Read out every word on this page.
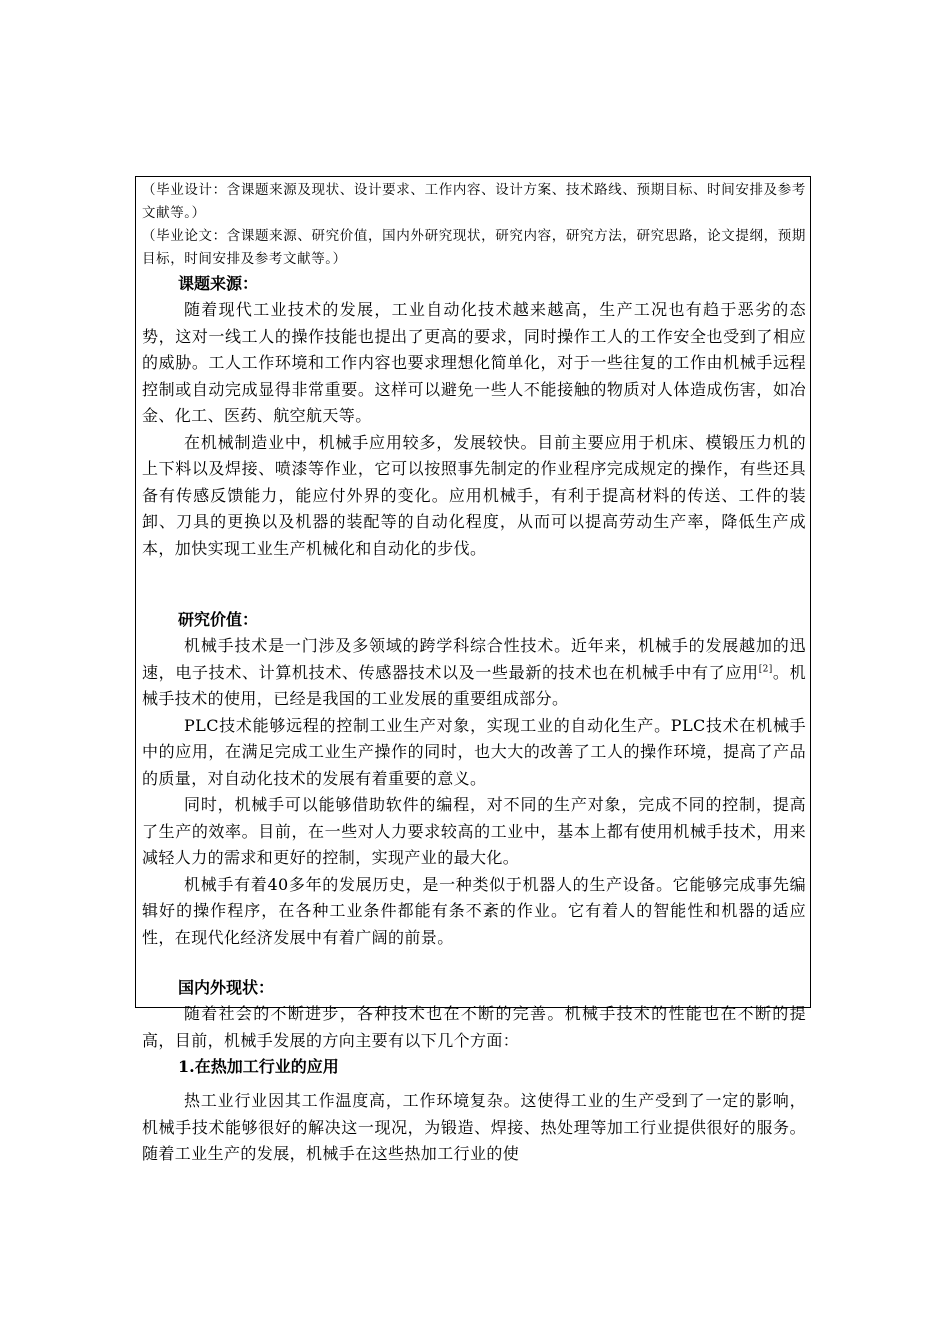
（毕业设计：含课题来源及现状、设计要求、工作内容、设计方案、技术路线、预期目标、时间安排及参考文献等。）

（毕业论文：含课题来源、研究价值，国内外研究现状，研究内容，研究方法，研究思路，论文提纲，预期目标，时间安排及参考文献等。）

课题来源：

随着现代工业技术的发展，工业自动化技术越来越高，生产工况也有趋于恶劣的态势，这对一线工人的操作技能也提出了更高的要求，同时操作工人的工作安全也受到了相应的威胁。工人工作环境和工作内容也要求理想化简单化，对于一些往复的工作由机械手远程控制或自动完成显得非常重要。这样可以避免一些人不能接触的物质对人体造成伤害，如冶金、化工、医药、航空航天等。

在机械制造业中，机械手应用较多，发展较快。目前主要应用于机床、模锻压力机的上下料以及焊接、喷漆等作业，它可以按照事先制定的作业程序完成规定的操作，有些还具备有传感反馈能力，能应付外界的变化。应用机械手，有利于提高材料的传送、工件的装卸、刀具的更换以及机器的装配等的自动化程度，从而可以提高劳动生产率，降低生产成本，加快实现工业生产机械化和自动化的步伐。

研究价值：

机械手技术是一门涉及多领域的跨学科综合性技术。近年来，机械手的发展越加的迅速，电子技术、计算机技术、传感器技术以及一些最新的技术也在机械手中有了应用[2]。机械手技术的使用，已经是我国的工业发展的重要组成部分。

PLC技术能够远程的控制工业生产对象，实现工业的自动化生产。PLC技术在机械手中的应用，在满足完成工业生产操作的同时，也大大的改善了工人的操作环境，提高了产品的质量，对自动化技术的发展有着重要的意义。

同时，机械手可以能够借助软件的编程，对不同的生产对象，完成不同的控制，提高了生产的效率。目前，在一些对人力要求较高的工业中，基本上都有使用机械手技术，用来减轻人力的需求和更好的控制，实现产业的最大化。

机械手有着40多年的发展历史，是一种类似于机器人的生产设备。它能够完成事先编辑好的操作程序，在各种工业条件都能有条不紊的作业。它有着人的智能性和机器的适应性，在现代化经济发展中有着广阔的前景。

国内外现状：

随着社会的不断进步，各种技术也在不断的完善。机械手技术的性能也在不断的提高，目前，机械手发展的方向主要有以下几个方面：

1.在热加工行业的应用

热工业行业因其工作温度高，工作环境复杂。这使得工业的生产受到了一定的影响，机械手技术能够很好的解决这一现况，为锻造、焊接、热处理等加工行业提供很好的服务。随着工业生产的发展，机械手在这些热加工行业的使
